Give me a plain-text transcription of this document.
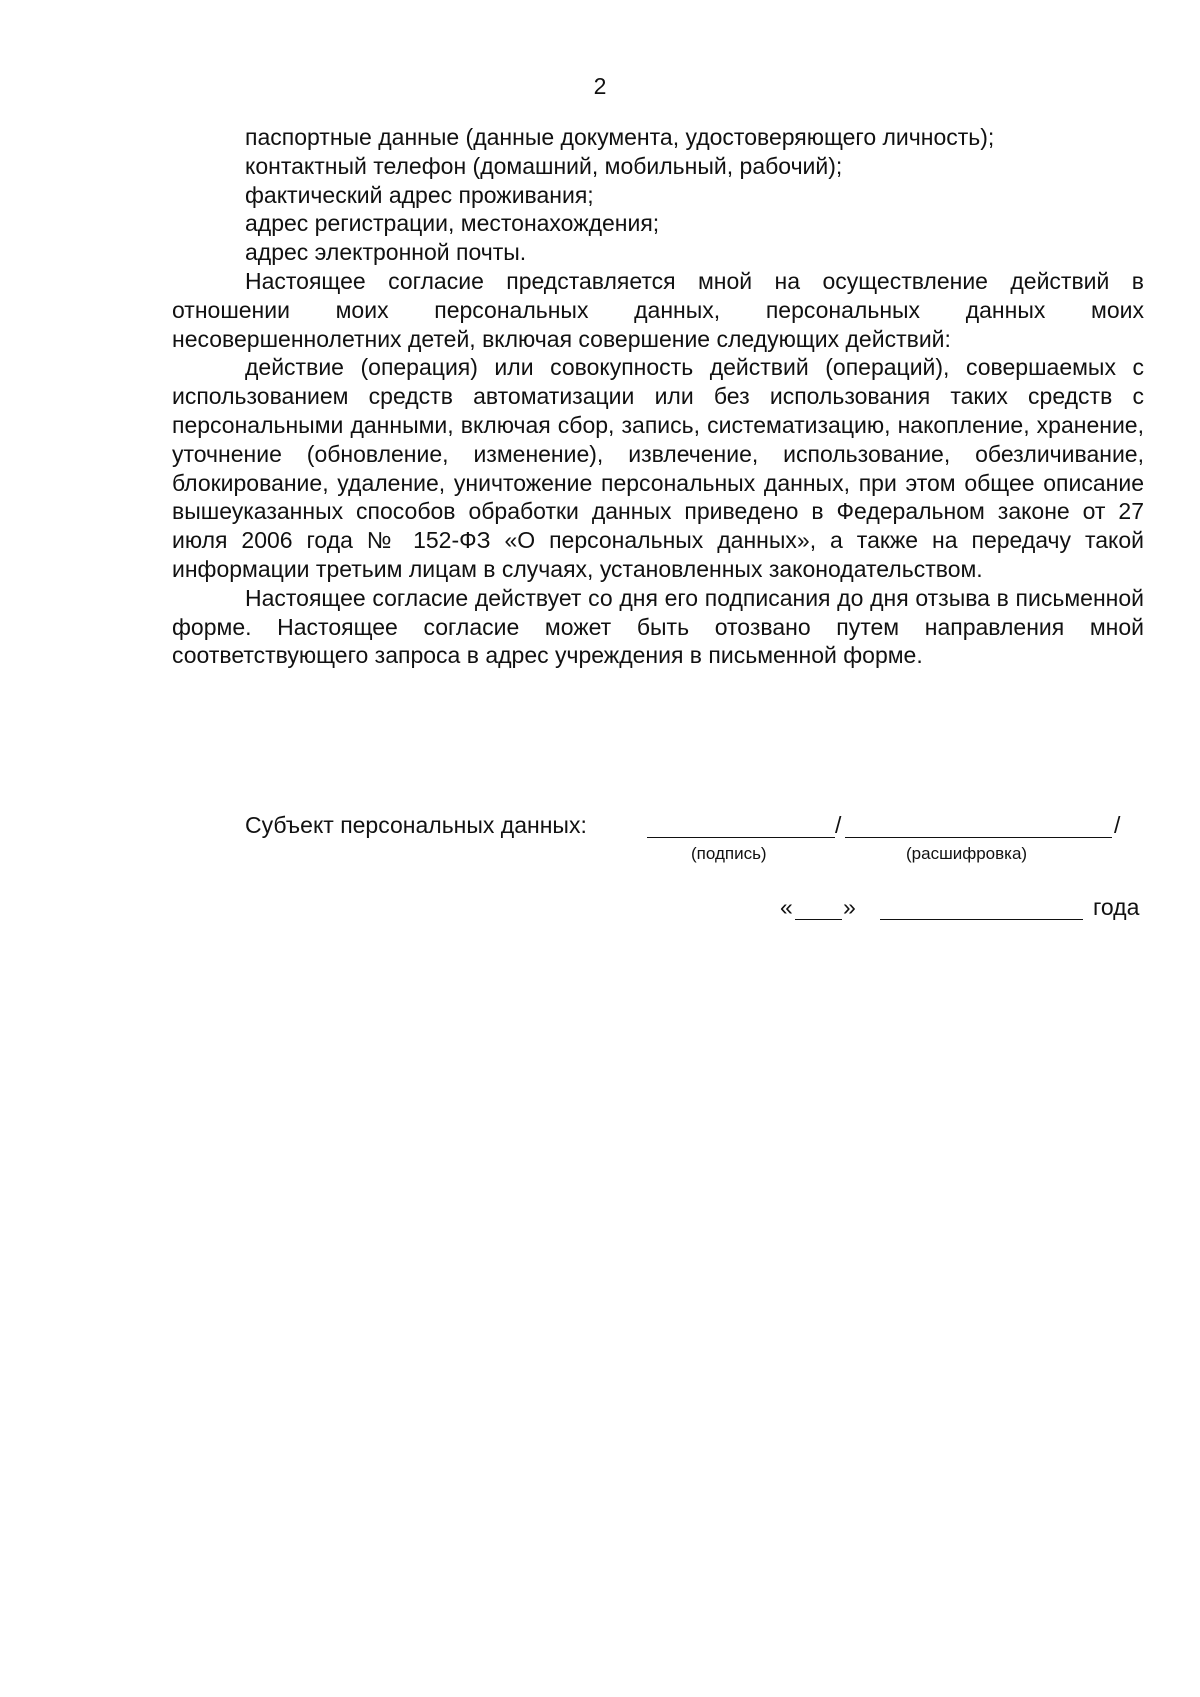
2

паспортные данные (данные документа, удостоверяющего личность);

контактный телефон (домашний, мобильный, рабочий);

фактический адрес проживания;

адрес регистрации, местонахождения;

адрес электронной почты.

Настоящее согласие представляется мной на осуществление действий в отношении моих персональных данных, персональных данных моих несовершеннолетних детей, включая совершение следующих действий:

действие (операция) или совокупность действий (операций), совершаемых с использованием средств автоматизации или без использования таких средств с персональными данными, включая сбор, запись, систематизацию, накопление, хранение, уточнение (обновление, изменение), извлечение, использование, обезличивание, блокирование, удаление, уничтожение персональных данных, при этом общее описание вышеуказанных способов обработки данных приведено в Федеральном законе от 27 июля 2006 года № 152-ФЗ «О персональных данных», а также на передачу такой информации третьим лицам в случаях, установленных законодательством.

Настоящее согласие действует со дня его подписания до дня отзыва в письменной форме. Настоящее согласие может быть отозвано путем направления мной соответствующего запроса в адрес учреждения в письменной форме.

Субъект персональных данных:	/	/
(подпись)	(расшифровка)
« »	года
